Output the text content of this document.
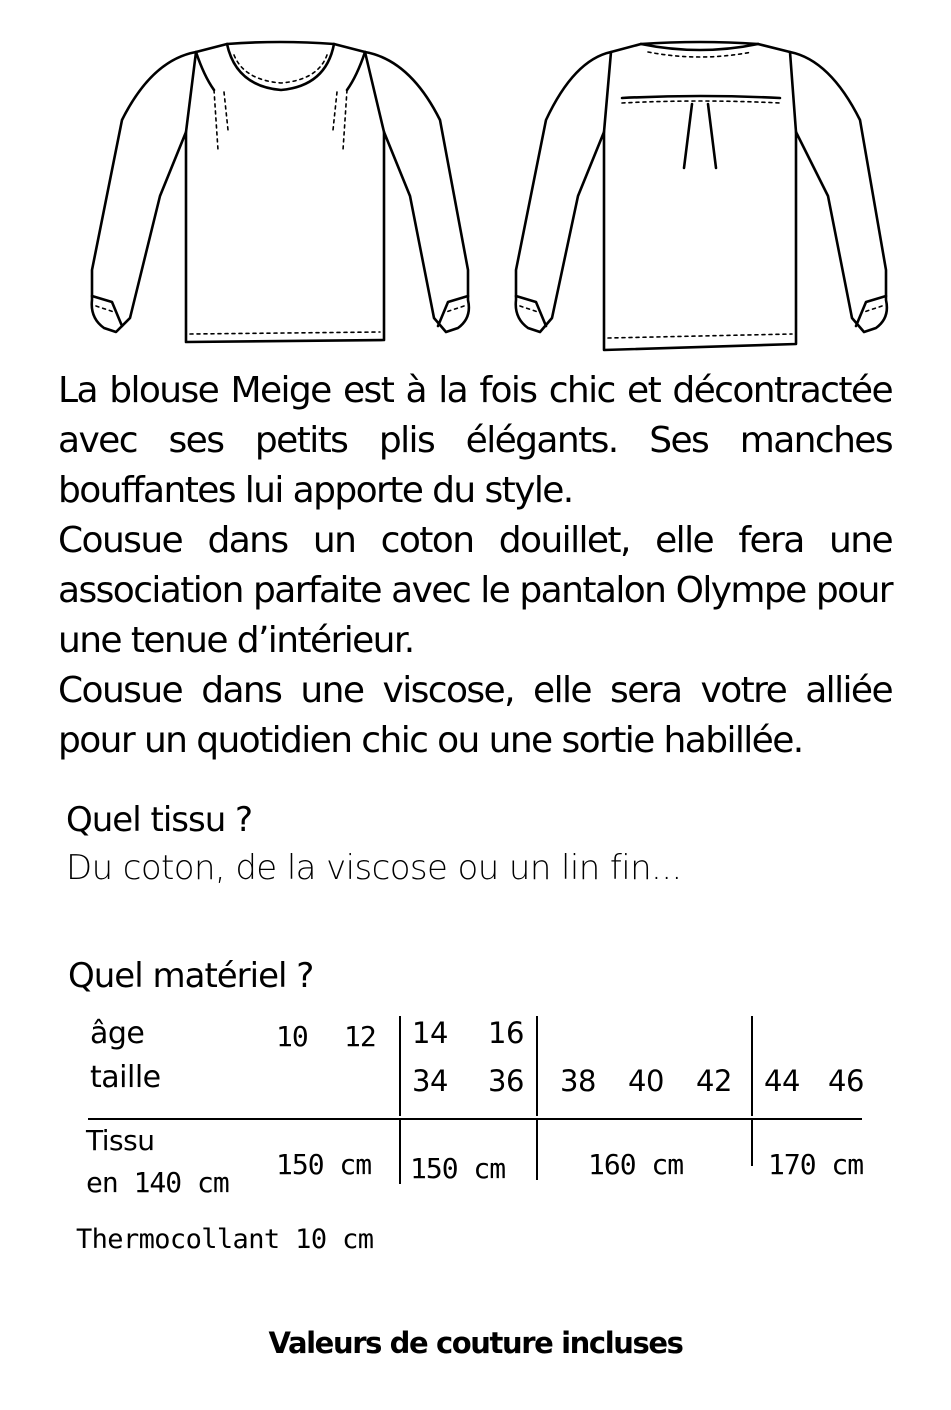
La blouse Meige est à la fois chic et décontractée avec ses petits plis élégants. Ses manches bouffantes lui apporte du style.

Cousue dans un coton douillet, elle fera une association parfaite avec le pantalon Olympe pour une tenue d’intérieur.

Cousue dans une viscose, elle sera votre alliée pour un quotidien chic ou une sortie habillée.

Quel tissu ?
Du coton, de la viscose ou un lin fin...
Quel matériel ?
âge
taille
10 12 14 16
34 36 38 40 42 44 46
Tissu
en 140 cm
150 cm 150 cm	160 cm	170 cm
Thermocollant 10 cm
Valeurs de couture incluses
